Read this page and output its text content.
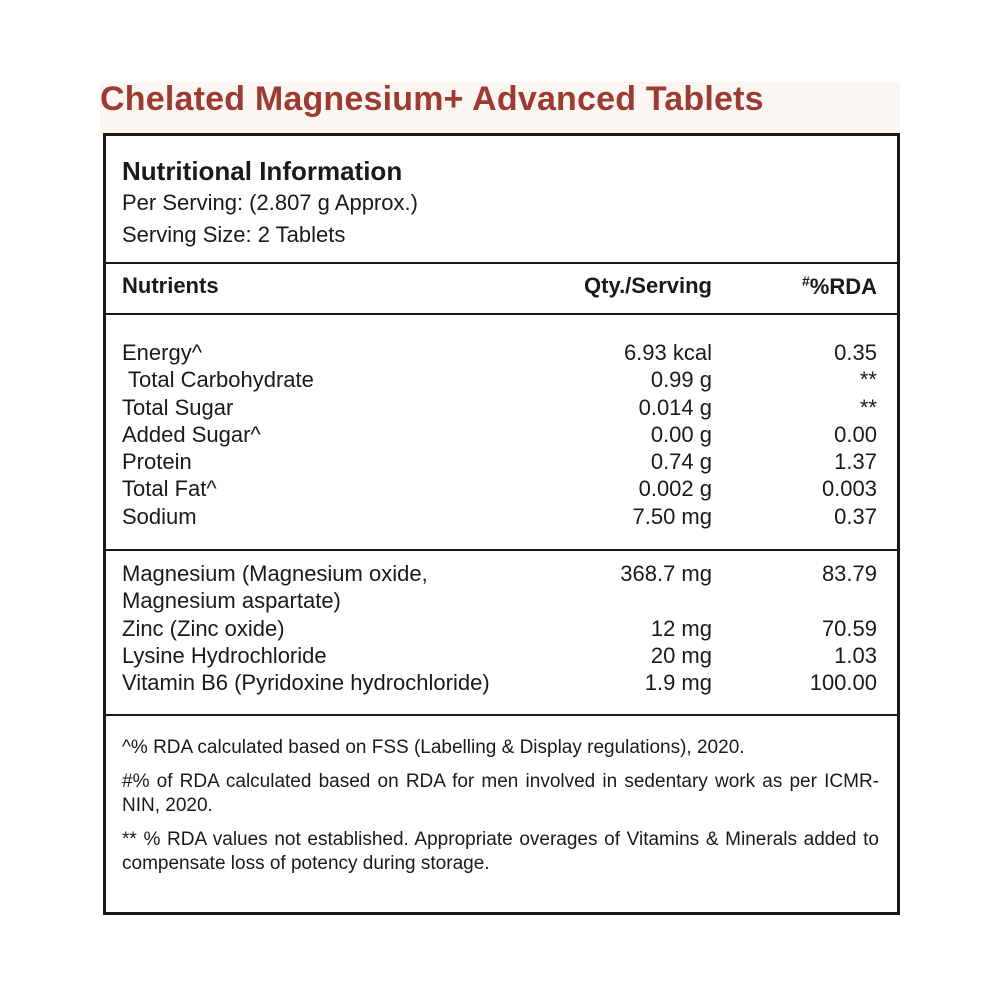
Chelated Magnesium+ Advanced Tablets
Nutritional Information
Per Serving: (2.807 g Approx.)
Serving Size: 2 Tablets
Nutrients	Qty./Serving	#%RDA
Energy^	6.93 kcal	0.35
Total Carbohydrate	0.99 g	**
Total Sugar	0.014 g	**
Added Sugar^	0.00 g	0.00
Protein	0.74 g	1.37
Total Fat^	0.002 g	0.003
Sodium	7.50 mg	0.37
Magnesium (Magnesium oxide,	368.7 mg	83.79
Magnesium aspartate)
Zinc (Zinc oxide)	12 mg	70.59
Lysine Hydrochloride	20 mg	1.03
Vitamin B6 (Pyridoxine hydrochloride)	1.9 mg	100.00

^% RDA calculated based on FSS (Labelling & Display regulations), 2020.

#% of RDA calculated based on RDA for men involved in sedentary work as per ICMR-NIN, 2020.

** % RDA values not established. Appropriate overages of Vitamins & Minerals added to compensate loss of potency during storage.
